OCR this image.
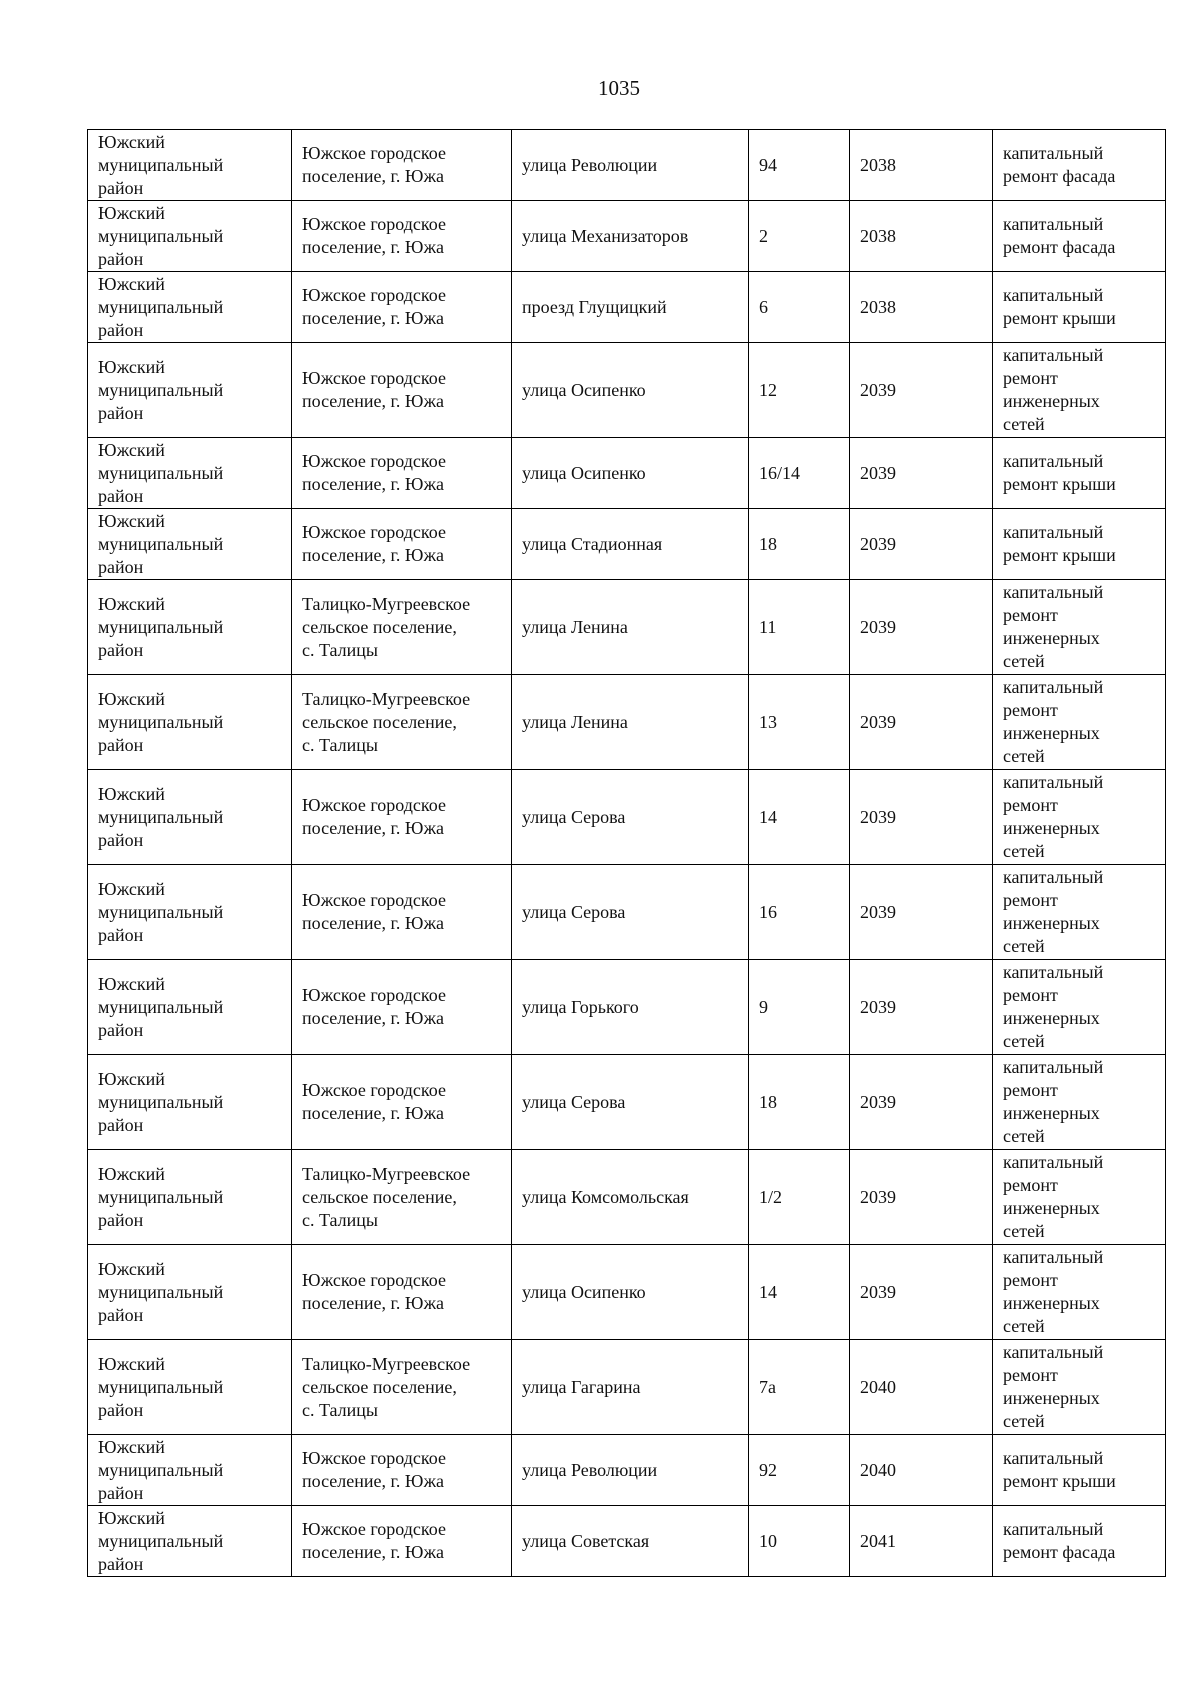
1035
Южский
муниципальный
район	Южское городское
поселение, г. Южа	улица Революции	94	2038	капитальный
ремонт фасада
Южский
муниципальный
район	Южское городское
поселение, г. Южа	улица Механизаторов	2	2038	капитальный
ремонт фасада
Южский
муниципальный
район	Южское городское
поселение, г. Южа	проезд Глущицкий	6	2038	капитальный
ремонт крыши
Южский
муниципальный
район	Южское городское
поселение, г. Южа	улица Осипенко	12	2039	капитальный
ремонт
инженерных
сетей
Южский
муниципальный
район	Южское городское
поселение, г. Южа	улица Осипенко	16/14	2039	капитальный
ремонт крыши
Южский
муниципальный
район	Южское городское
поселение, г. Южа	улица Стадионная	18	2039	капитальный
ремонт крыши
Южский
муниципальный
район	Талицко-Мугреевское
сельское поселение,
с. Талицы	улица Ленина	11	2039	капитальный
ремонт
инженерных
сетей
Южский
муниципальный
район	Талицко-Мугреевское
сельское поселение,
с. Талицы	улица Ленина	13	2039	капитальный
ремонт
инженерных
сетей
Южский
муниципальный
район	Южское городское
поселение, г. Южа	улица Серова	14	2039	капитальный
ремонт
инженерных
сетей
Южский
муниципальный
район	Южское городское
поселение, г. Южа	улица Серова	16	2039	капитальный
ремонт
инженерных
сетей
Южский
муниципальный
район	Южское городское
поселение, г. Южа	улица Горького	9	2039	капитальный
ремонт
инженерных
сетей
Южский
муниципальный
район	Южское городское
поселение, г. Южа	улица Серова	18	2039	капитальный
ремонт
инженерных
сетей
Южский
муниципальный
район	Талицко-Мугреевское
сельское поселение,
с. Талицы	улица Комсомольская	1/2	2039	капитальный
ремонт
инженерных
сетей
Южский
муниципальный
район	Южское городское
поселение, г. Южа	улица Осипенко	14	2039	капитальный
ремонт
инженерных
сетей
Южский
муниципальный
район	Талицко-Мугреевское
сельское поселение,
с. Талицы	улица Гагарина	7а	2040	капитальный
ремонт
инженерных
сетей
Южский
муниципальный
район	Южское городское
поселение, г. Южа	улица Революции	92	2040	капитальный
ремонт крыши
Южский
муниципальный
район	Южское городское
поселение, г. Южа	улица Советская	10	2041	капитальный
ремонт фасада
